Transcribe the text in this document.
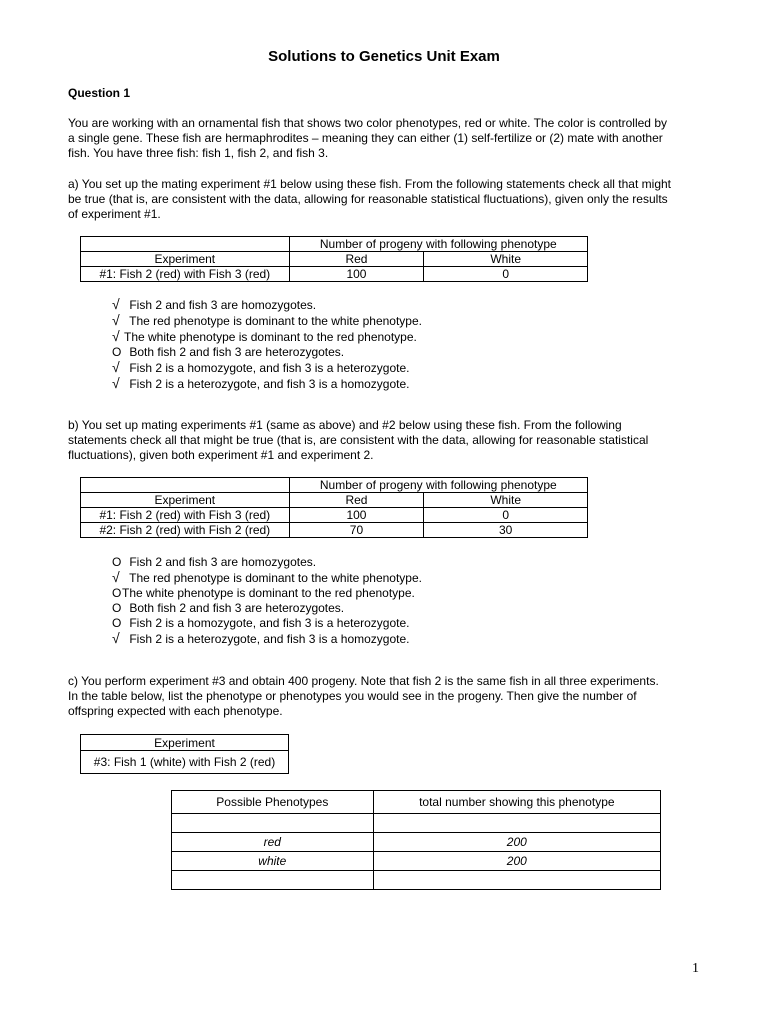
Solutions to Genetics Unit Exam
Question 1
You are working with an ornamental fish that shows two color phenotypes, red or white. The color is controlled by
a single gene. These fish are hermaphrodites – meaning they can either (1) self-fertilize or (2) mate with another
fish. You have three fish: fish 1, fish 2, and fish 3.
a) You set up the mating experiment #1 below using these fish. From the following statements check all that might
be true (that is, are consistent with the data, allowing for reasonable statistical fluctuations), given only the results
of experiment #1.
	Number of progeny with following phenotype	
Experiment	Red	White
#1: Fish 2 (red) with Fish 3 (red)	100	0
√ Fish 2 and fish 3 are homozygotes.
√ The red phenotype is dominant to the white phenotype.
√ The white phenotype is dominant to the red phenotype.
O Both fish 2 and fish 3 are heterozygotes.
√ Fish 2 is a homozygote, and fish 3 is a heterozygote.
√ Fish 2 is a heterozygote, and fish 3 is a homozygote.
b) You set up mating experiments #1 (same as above) and #2 below using these fish. From the following
statements check all that might be true (that is, are consistent with the data, allowing for reasonable statistical
fluctuations), given both experiment #1 and experiment 2.
	Number of progeny with following phenotype	
Experiment	Red	White
#1: Fish 2 (red) with Fish 3 (red)	100	0
#2: Fish 2 (red) with Fish 2 (red)	70	30
O Fish 2 and fish 3 are homozygotes.
√ The red phenotype is dominant to the white phenotype.
OThe white phenotype is dominant to the red phenotype.
O Both fish 2 and fish 3 are heterozygotes.
O Fish 2 is a homozygote, and fish 3 is a heterozygote.
√ Fish 2 is a heterozygote, and fish 3 is a homozygote.
c) You perform experiment #3 and obtain 400 progeny. Note that fish 2 is the same fish in all three experiments.
In the table below, list the phenotype or phenotypes you would see in the progeny. Then give the number of
offspring expected with each phenotype.
Experiment
#3: Fish 1 (white) with Fish 2 (red)
Possible Phenotypes	total number showing this phenotype

red	200
white	200

1
